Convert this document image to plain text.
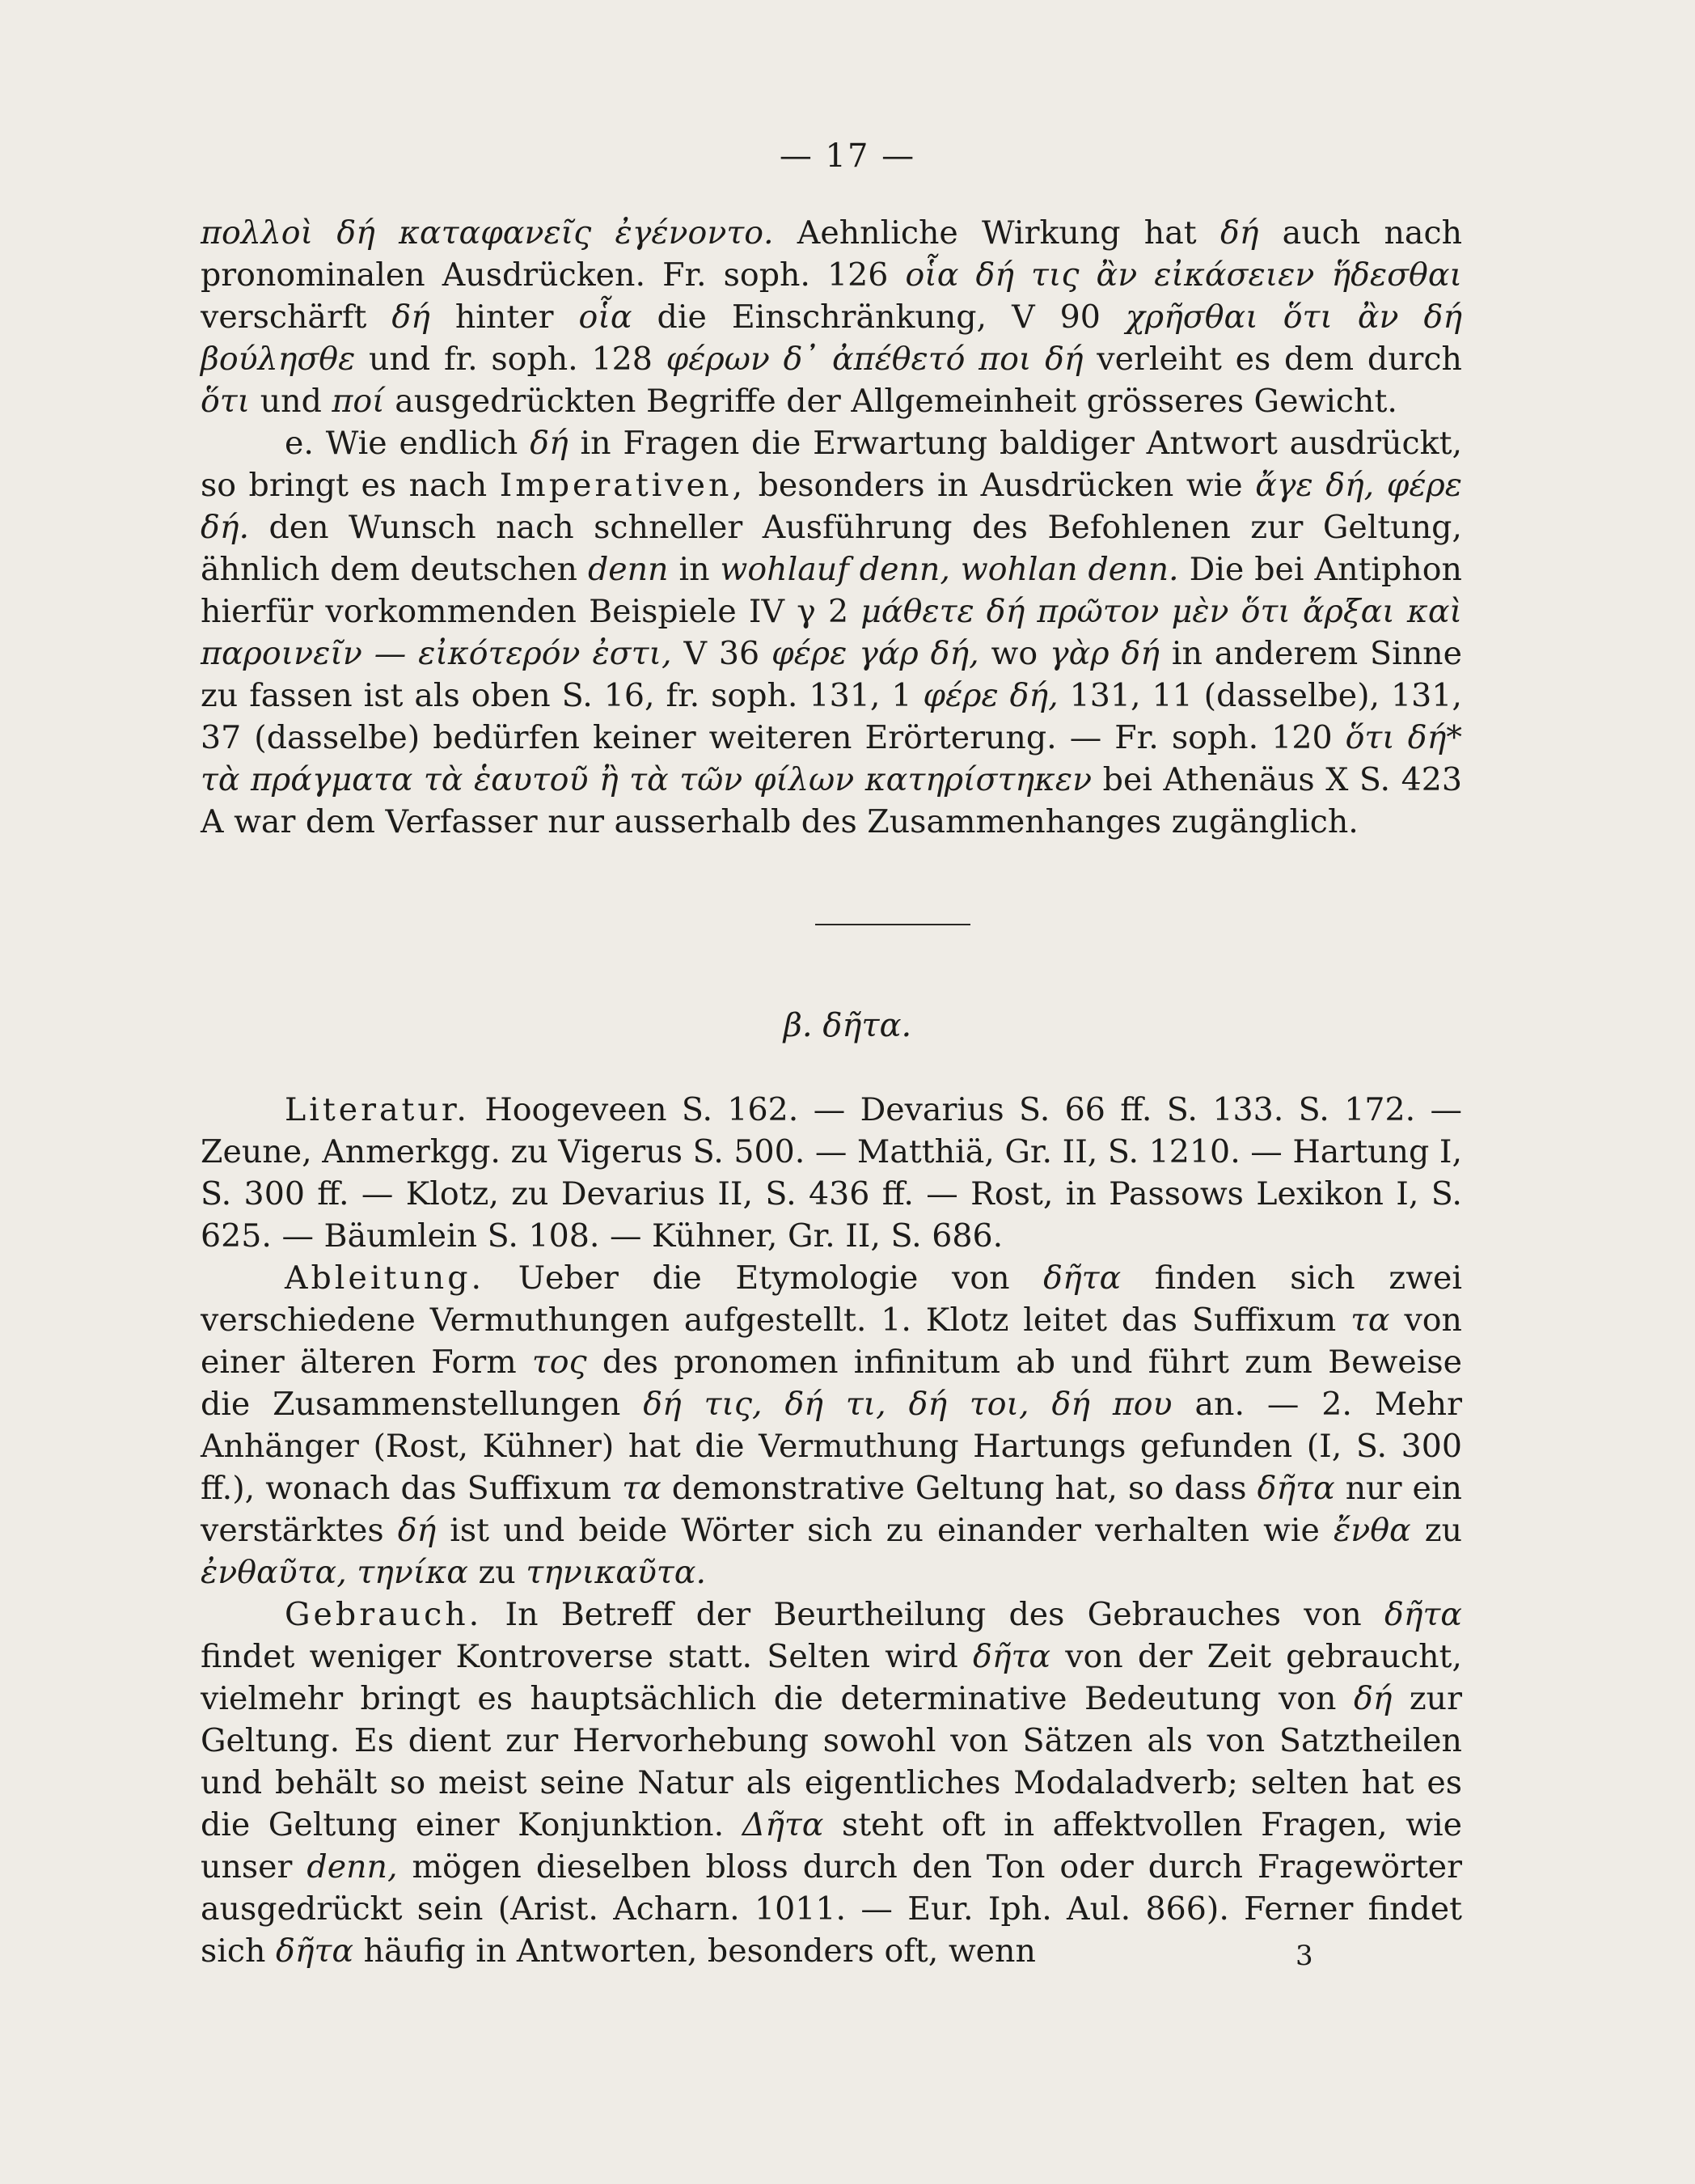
— 17 —

πολλοὶ δή καταφανεῖς ἐγένοντο. Aehnliche Wirkung hat δή auch nach pronominalen Ausdrücken. Fr. soph. 126 οἷα δή τις ἂν εἰκάσειεν ἥδεσθαι verschärft δή hinter οἷα die Einschränkung, V 90 χρῆσθαι ὅτι ἂν δή βούλησθε und fr. soph. 128 φέρων δ᾽ ἀπέθετό ποι δή verleiht es dem durch ὅτι und ποί ausgedrückten Begriffe der Allgemeinheit grösseres Gewicht.

e. Wie endlich δή in Fragen die Erwartung baldiger Antwort ausdrückt, so bringt es nach Imperativen, besonders in Ausdrücken wie ἄγε δή, φέρε δή. den Wunsch nach schneller Ausführung des Befohlenen zur Geltung, ähnlich dem deutschen denn in wohlauf denn, wohlan denn. Die bei Antiphon hierfür vorkommenden Beispiele IV γ 2 μάθετε δή πρῶτον μὲν ὅτι ἄρξαι καὶ παροινεῖν — εἰκότερόν ἐστι, V 36 φέρε γάρ δή, wo γὰρ δή in anderem Sinne zu fassen ist als oben S. 16, fr. soph. 131, 1 φέρε δή, 131, 11 (dasselbe), 131, 37 (dasselbe) bedürfen keiner weiteren Erörterung. — Fr. soph. 120 ὅτι δή* τὰ πράγματα τὰ ἑαυτοῦ ἢ τὰ τῶν φίλων κατηρίστηκεν bei Athenäus X S. 423 A war dem Verfasser nur ausserhalb des Zusammenhanges zugänglich.

β. δῆτα.

Literatur. Hoogeveen S. 162. — Devarius S. 66 ff. S. 133. S. 172. — Zeune, Anmerkgg. zu Vigerus S. 500. — Matthiä, Gr. II, S. 1210. — Hartung I, S. 300 ff. — Klotz, zu Devarius II, S. 436 ff. — Rost, in Passows Lexikon I, S. 625. — Bäumlein S. 108. — Kühner, Gr. II, S. 686.

Ableitung. Ueber die Etymologie von δῆτα finden sich zwei verschiedene Vermuthungen aufgestellt. 1. Klotz leitet das Suffixum τα von einer älteren Form τος des pronomen infinitum ab und führt zum Beweise die Zusammenstellungen δή τις, δή τι, δή τοι, δή που an. — 2. Mehr Anhänger (Rost, Kühner) hat die Vermuthung Hartungs gefunden (I, S. 300 ff.), wonach das Suffixum τα demonstrative Geltung hat, so dass δῆτα nur ein verstärktes δή ist und beide Wörter sich zu einander verhalten wie ἔνθα zu ἐνθαῦτα, τηνίκα zu τηνικαῦτα.

Gebrauch. In Betreff der Beurtheilung des Gebrauches von δῆτα findet weniger Kontroverse statt. Selten wird δῆτα von der Zeit gebraucht, vielmehr bringt es hauptsächlich die determinative Bedeutung von δή zur Geltung. Es dient zur Hervorhebung sowohl von Sätzen als von Satztheilen und behält so meist seine Natur als eigentliches Modaladverb; selten hat es die Geltung einer Konjunktion. Δῆτα steht oft in affektvollen Fragen, wie unser denn, mögen dieselben bloss durch den Ton oder durch Fragewörter ausgedrückt sein (Arist. Acharn. 1011. — Eur. Iph. Aul. 866). Ferner findet sich δῆτα häufig in Antworten, besonders oft, wenn	3
